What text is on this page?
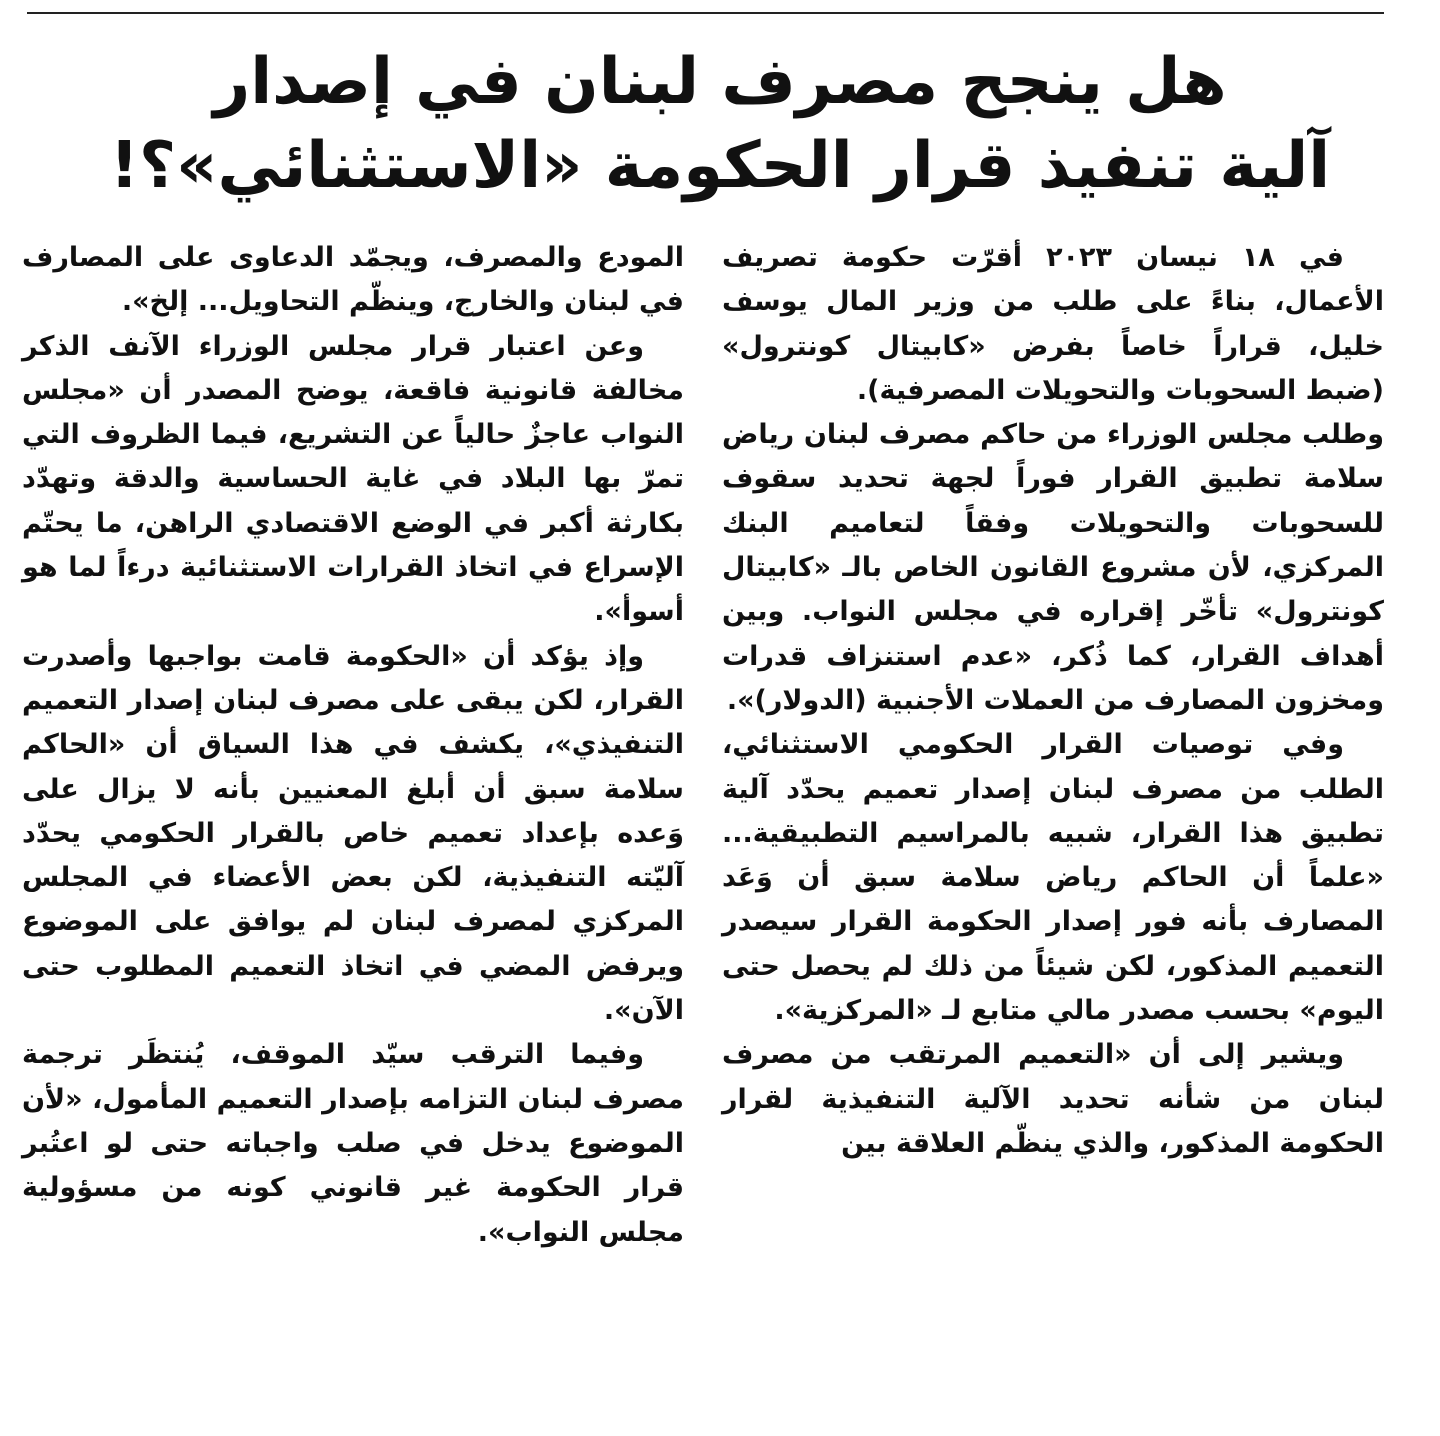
هل ينجح مصرف لبنان في إصدار
آلية تنفيذ قرار الحكومة «الاستثنائي»؟!

في ١٨ نيسان ٢٠٢٣ أقرّت حكومة تصريف الأعمال، بناءً على طلب من وزير المال يوسف خليل، قراراً خاصاً بفرض «كابيتال كونترول» (ضبط السحوبات والتحويلات المصرفية).

وطلب مجلس الوزراء من حاكم مصرف لبنان رياض سلامة تطبيق القرار فوراً لجهة تحديد سقوف للسحوبات والتحويلات وفقاً لتعاميم البنك المركزي، لأن مشروع القانون الخاص بالـ «كابيتال كونترول» تأخّر إقراره في مجلس النواب. وبين أهداف القرار، كما ذُكر، «عدم استنزاف قدرات ومخزون المصارف من العملات الأجنبية (الدولار)».

وفي توصيات القرار الحكومي الاستثنائي، الطلب من مصرف لبنان إصدار تعميم يحدّد آلية تطبيق هذا القرار، شبيه بالمراسيم التطبيقية... «علماً أن الحاكم رياض سلامة سبق أن وَعَد المصارف بأنه فور إصدار الحكومة القرار سيصدر التعميم المذكور، لكن شيئاً من ذلك لم يحصل حتى اليوم» بحسب مصدر مالي متابع لـ «المركزية».

ويشير إلى أن «التعميم المرتقب من مصرف لبنان من شأنه تحديد الآلية التنفيذية لقرار الحكومة المذكور، والذي ينظّم العلاقة بين

المودع والمصرف، ويجمّد الدعاوى على المصارف في لبنان والخارج، وينظّم التحاويل... إلخ».

وعن اعتبار قرار مجلس الوزراء الآنف الذكر مخالفة قانونية فاقعة، يوضح المصدر أن «مجلس النواب عاجزٌ حالياً عن التشريع، فيما الظروف التي تمرّ بها البلاد في غاية الحساسية والدقة وتهدّد بكارثة أكبر في الوضع الاقتصادي الراهن، ما يحتّم الإسراع في اتخاذ القرارات الاستثنائية درءاً لما هو أسوأ».

وإذ يؤكد أن «الحكومة قامت بواجبها وأصدرت القرار، لكن يبقى على مصرف لبنان إصدار التعميم التنفيذي»، يكشف في هذا السياق أن «الحاكم سلامة سبق أن أبلغ المعنيين بأنه لا يزال على وَعده بإعداد تعميم خاص بالقرار الحكومي يحدّد آليّته التنفيذية، لكن بعض الأعضاء في المجلس المركزي لمصرف لبنان لم يوافق على الموضوع ويرفض المضي في اتخاذ التعميم المطلوب حتى الآن».

وفيما الترقب سيّد الموقف، يُنتظَر ترجمة مصرف لبنان التزامه بإصدار التعميم المأمول، «لأن الموضوع يدخل في صلب واجباته حتى لو اعتُبر قرار الحكومة غير قانوني كونه من مسؤولية مجلس النواب».
